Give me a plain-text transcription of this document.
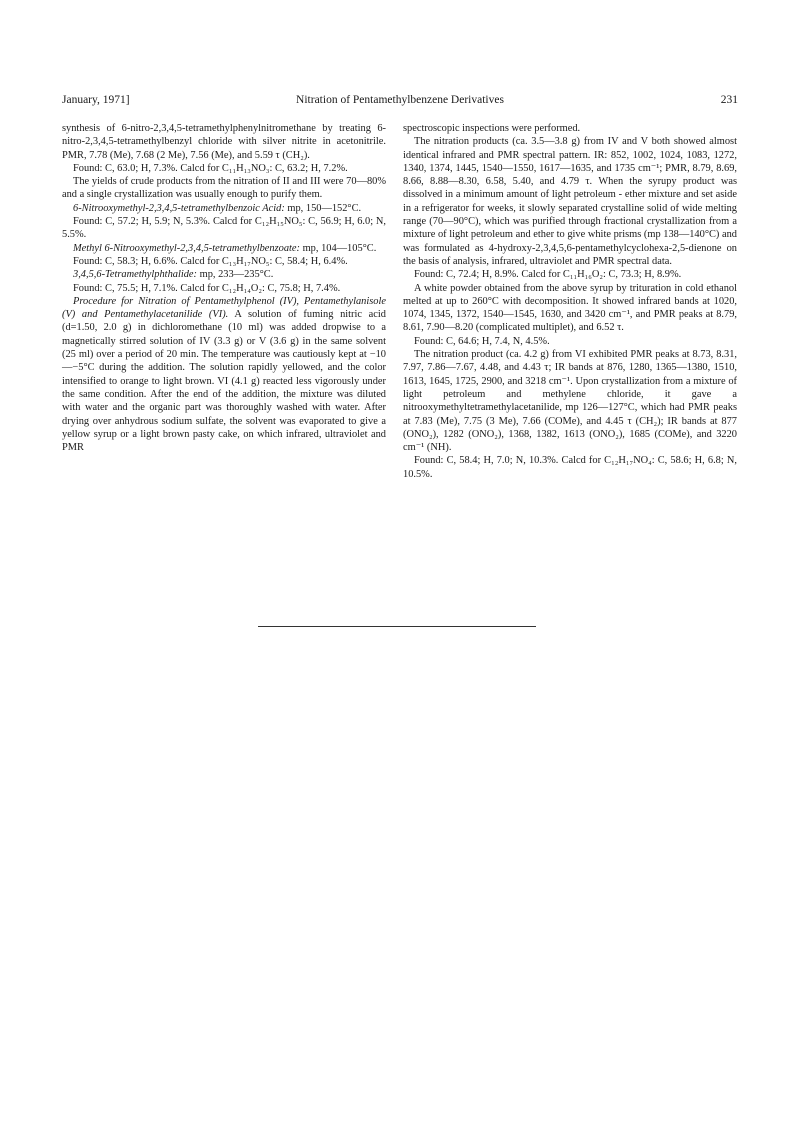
January, 1971]	Nitration of Pentamethylbenzene Derivatives	231

synthesis of 6-nitro-2,3,4,5-tetramethylphenylnitromethane by treating 6-nitro-2,3,4,5-tetramethylbenzyl chloride with silver nitrite in acetonitrile. PMR, 7.78 (Me), 7.68 (2 Me), 7.56 (Me), and 5.59 τ (CH₂).

Found: C, 63.0; H, 7.3%. Calcd for C₁₁H₁₃NO₃: C, 63.2; H, 7.2%.

The yields of crude products from the nitration of II and III were 70—80% and a single crystallization was usually enough to purify them.

6-Nitrooxymethyl-2,3,4,5-tetramethylbenzoic Acid: mp, 150—152°C.

Found: C, 57.2; H, 5.9; N, 5.3%. Calcd for C₁₂H₁₅NO₅: C, 56.9; H, 6.0; N, 5.5%.

Methyl 6-Nitrooxymethyl-2,3,4,5-tetramethylbenzoate: mp, 104—105°C.

Found: C, 58.3; H, 6.6%. Calcd for C₁₃H₁₇NO₅: C, 58.4; H, 6.4%.

3,4,5,6-Tetramethylphthalide: mp, 233—235°C.

Found: C, 75.5; H, 7.1%. Calcd for C₁₂H₁₄O₂: C, 75.8; H, 7.4%.

Procedure for Nitration of Pentamethylphenol (IV), Pentamethylanisole (V) and Pentamethylacetanilide (VI). A solution of fuming nitric acid (d=1.50, 2.0 g) in dichloromethane (10 ml) was added dropwise to a magnetically stirred solution of IV (3.3 g) or V (3.6 g) in the same solvent (25 ml) over a period of 20 min. The temperature was cautiously kept at −10—−5°C during the addition. The solution rapidly yellowed, and the color intensified to orange to light brown. VI (4.1 g) reacted less vigorously under the same condition. After the end of the addition, the mixture was diluted with water and the organic part was thoroughly washed with water. After drying over anhydrous sodium sulfate, the solvent was evaporated to give a yellow syrup or a light brown pasty cake, on which infrared, ultraviolet and PMR

spectroscopic inspections were performed.

The nitration products (ca. 3.5—3.8 g) from IV and V both showed almost identical infrared and PMR spectral pattern. IR: 852, 1002, 1024, 1083, 1272, 1340, 1374, 1445, 1540—1550, 1617—1635, and 1735 cm⁻¹; PMR, 8.79, 8.69, 8.66, 8.88—8.30, 6.58, 5.40, and 4.79 τ. When the syrupy product was dissolved in a minimum amount of light petroleum - ether mixture and set aside in a refrigerator for weeks, it slowly separated crystalline solid of wide melting range (70—90°C), which was purified through fractional crystallization from a mixture of light petroleum and ether to give white prisms (mp 138—140°C) and was formulated as 4-hydroxy-2,3,4,5,6-pentamethylcyclohexa-2,5-dienone on the basis of analysis, infrared, ultraviolet and PMR spectral data.

Found: C, 72.4; H, 8.9%. Calcd for C₁₁H₁₆O₂: C, 73.3; H, 8.9%.

A white powder obtained from the above syrup by trituration in cold ethanol melted at up to 260°C with decomposition. It showed infrared bands at 1020, 1074, 1345, 1372, 1540—1545, 1630, and 3420 cm⁻¹, and PMR peaks at 8.79, 8.61, 7.90—8.20 (complicated multiplet), and 6.52 τ.

Found: C, 64.6; H, 7.4, N, 4.5%.

The nitration product (ca. 4.2 g) from VI exhibited PMR peaks at 8.73, 8.31, 7.97, 7.86—7.67, 4.48, and 4.43 τ; IR bands at 876, 1280, 1365—1380, 1510, 1613, 1645, 1725, 2900, and 3218 cm⁻¹. Upon crystallization from a mixture of light petroleum and methylene chloride, it gave a nitrooxymethyltetramethylacetanilide, mp 126—127°C, which had PMR peaks at 7.83 (Me), 7.75 (3 Me), 7.66 (COMe), and 4.45 τ (CH₂); IR bands at 877 (ONO₂), 1282 (ONO₂), 1368, 1382, 1613 (ONO₂), 1685 (COMe), and 3220 cm⁻¹ (NH).

Found: C, 58.4; H, 7.0; N, 10.3%. Calcd for C₁₂H₁₇NO₄: C, 58.6; H, 6.8; N, 10.5%.
